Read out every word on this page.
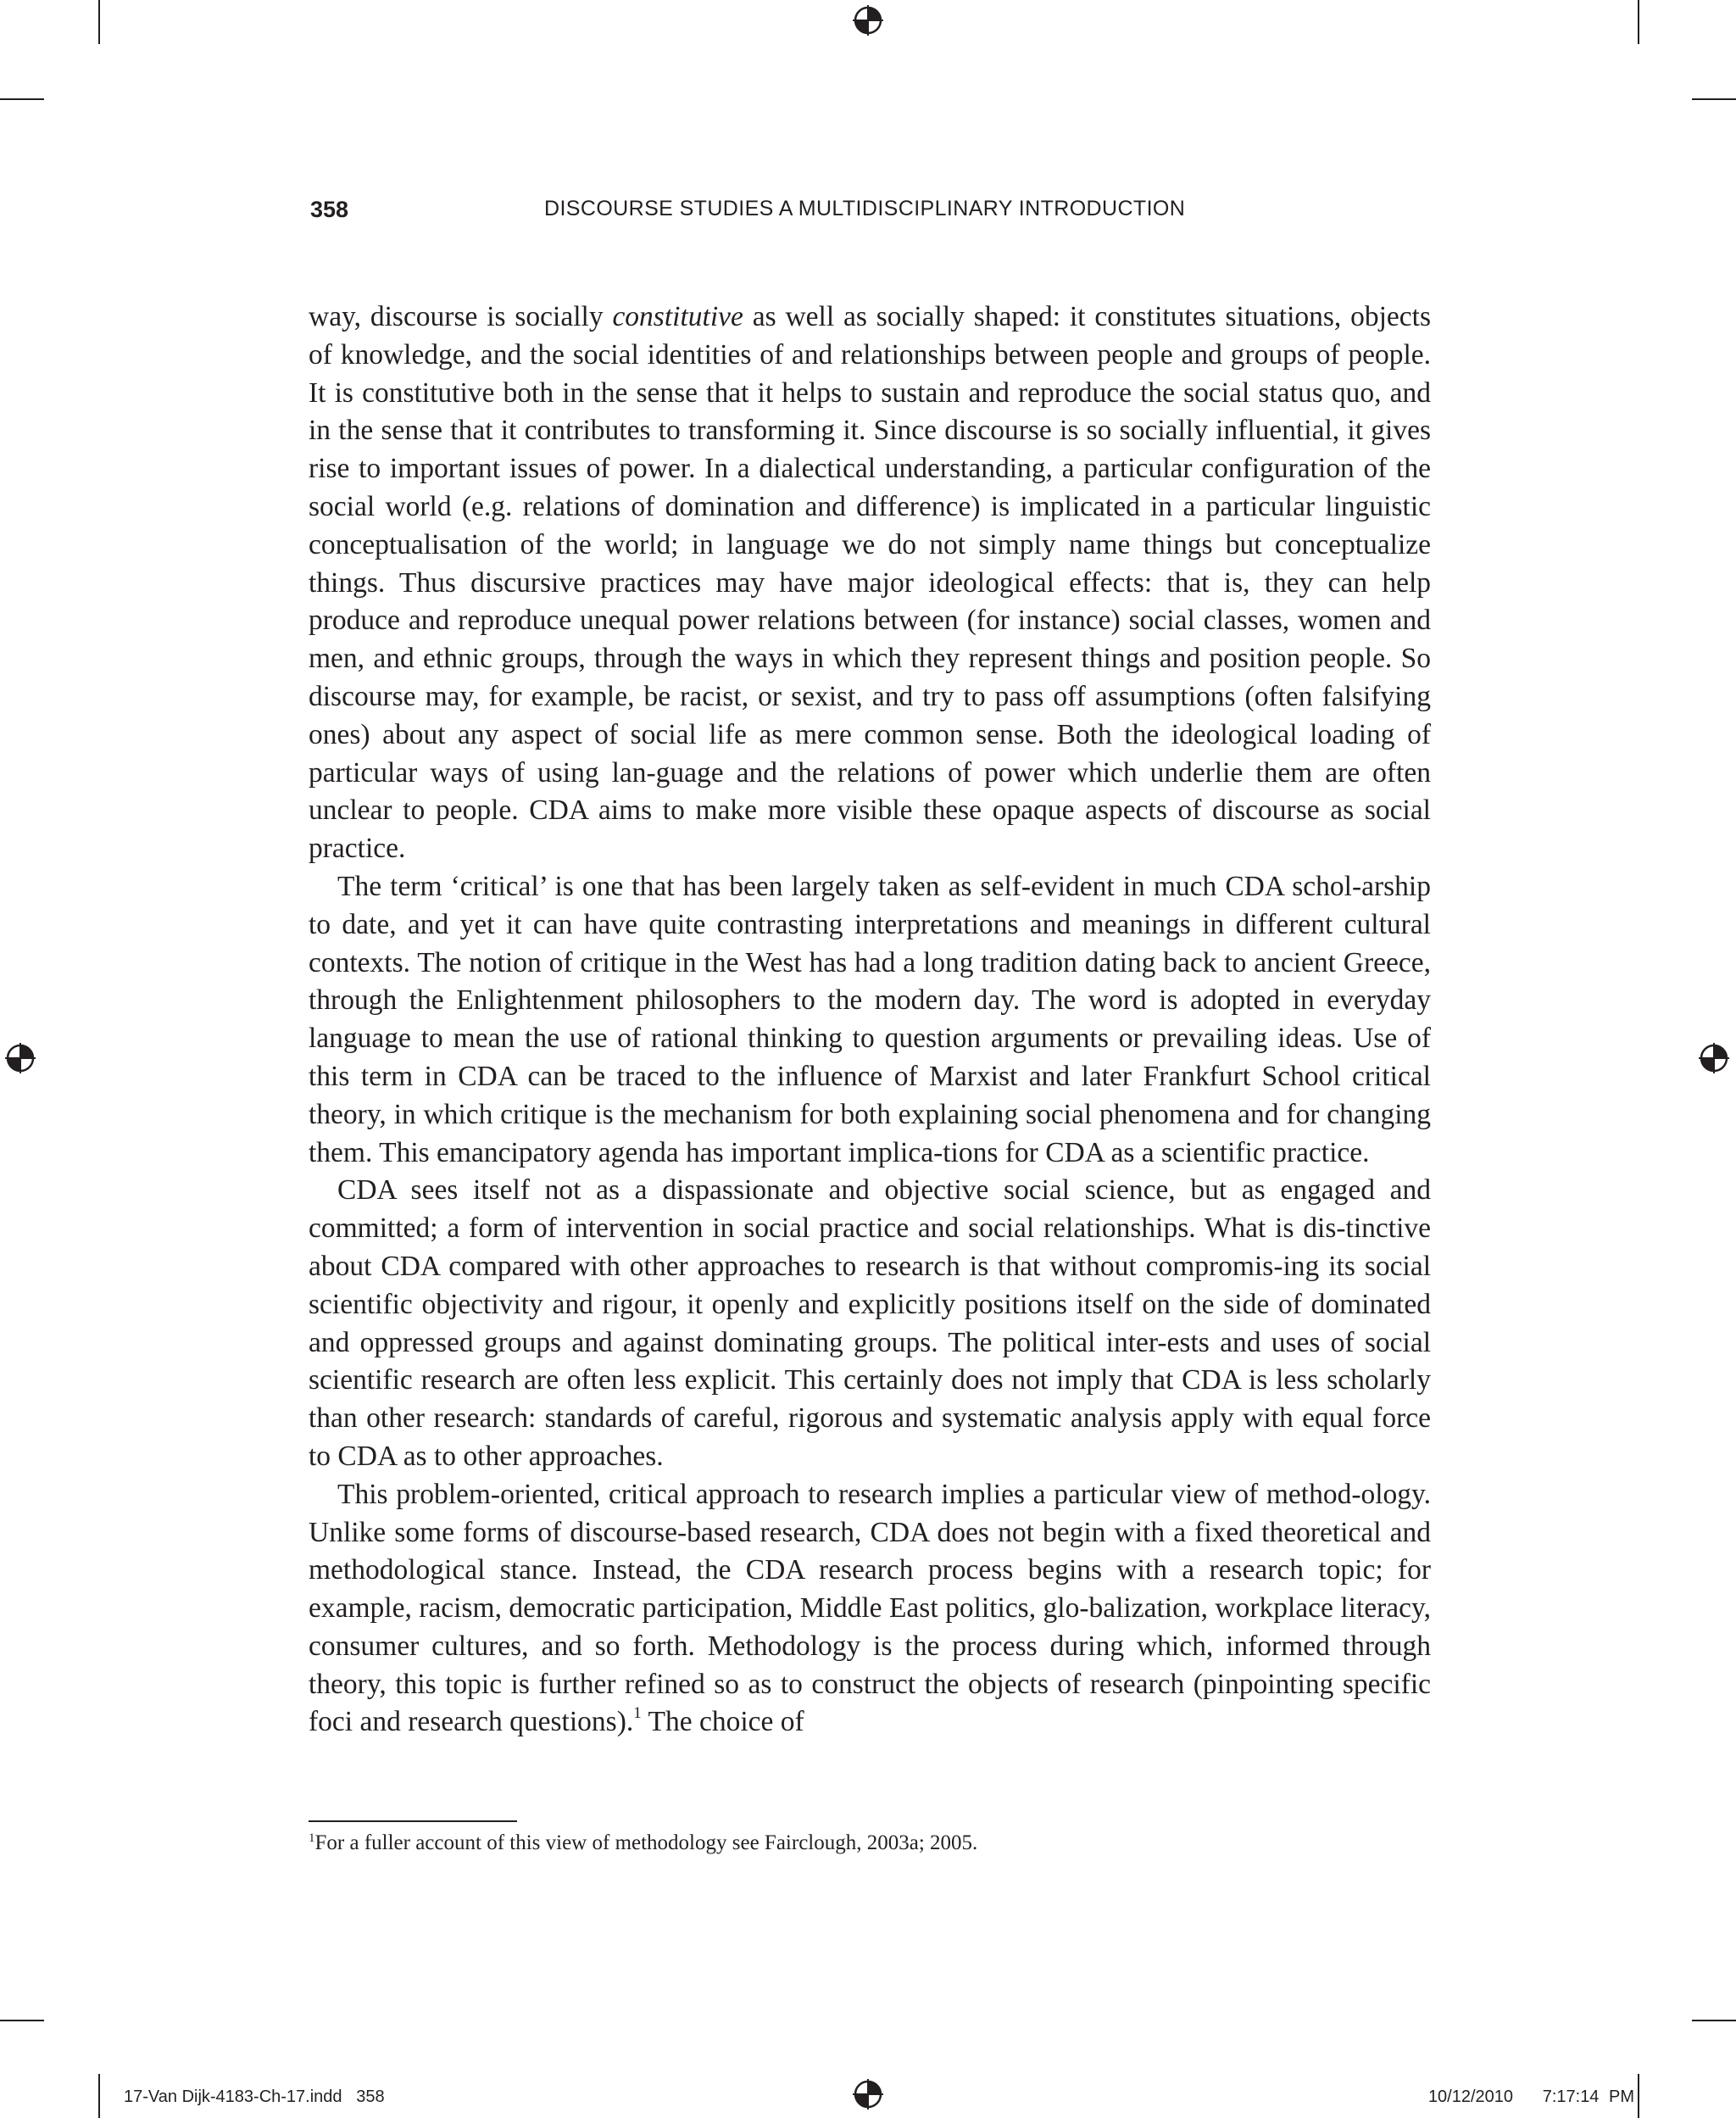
358	DISCOURSE STUDIES A MULTIDISCIPLINARY INTRODUCTION

way, discourse is socially constitutive as well as socially shaped: it constitutes situations, objects of knowledge, and the social identities of and relationships between people and groups of people. It is constitutive both in the sense that it helps to sustain and reproduce the social status quo, and in the sense that it contributes to transforming it. Since discourse is so socially influential, it gives rise to important issues of power. In a dialectical understanding, a particular configuration of the social world (e.g. relations of domination and difference) is implicated in a particular linguistic conceptualisation of the world; in language we do not simply name things but conceptualize things. Thus discursive practices may have major ideological effects: that is, they can help produce and reproduce unequal power relations between (for instance) social classes, women and men, and ethnic groups, through the ways in which they represent things and position people. So discourse may, for example, be racist, or sexist, and try to pass off assumptions (often falsifying ones) about any aspect of social life as mere common sense. Both the ideological loading of particular ways of using lan-guage and the relations of power which underlie them are often unclear to people. CDA aims to make more visible these opaque aspects of discourse as social practice.

The term ‘critical’ is one that has been largely taken as self-evident in much CDA schol-arship to date, and yet it can have quite contrasting interpretations and meanings in different cultural contexts. The notion of critique in the West has had a long tradition dating back to ancient Greece, through the Enlightenment philosophers to the modern day. The word is adopted in everyday language to mean the use of rational thinking to question arguments or prevailing ideas. Use of this term in CDA can be traced to the influence of Marxist and later Frankfurt School critical theory, in which critique is the mechanism for both explaining social phenomena and for changing them. This emancipatory agenda has important implica-tions for CDA as a scientific practice.

CDA sees itself not as a dispassionate and objective social science, but as engaged and committed; a form of intervention in social practice and social relationships. What is dis-tinctive about CDA compared with other approaches to research is that without compromis-ing its social scientific objectivity and rigour, it openly and explicitly positions itself on the side of dominated and oppressed groups and against dominating groups. The political inter-ests and uses of social scientific research are often less explicit. This certainly does not imply that CDA is less scholarly than other research: standards of careful, rigorous and systematic analysis apply with equal force to CDA as to other approaches.

This problem-oriented, critical approach to research implies a particular view of method-ology. Unlike some forms of discourse-based research, CDA does not begin with a fixed theoretical and methodological stance. Instead, the CDA research process begins with a research topic; for example, racism, democratic participation, Middle East politics, glo-balization, workplace literacy, consumer cultures, and so forth. Methodology is the process during which, informed through theory, this topic is further refined so as to construct the objects of research (pinpointing specific foci and research questions).$^1$ The choice of

$^1$For a fuller account of this view of methodology see Fairclough, 2003a; 2005.
17-Van Dijk-4183-Ch-17.indd   358	10/12/2010   7:17:14 PM
